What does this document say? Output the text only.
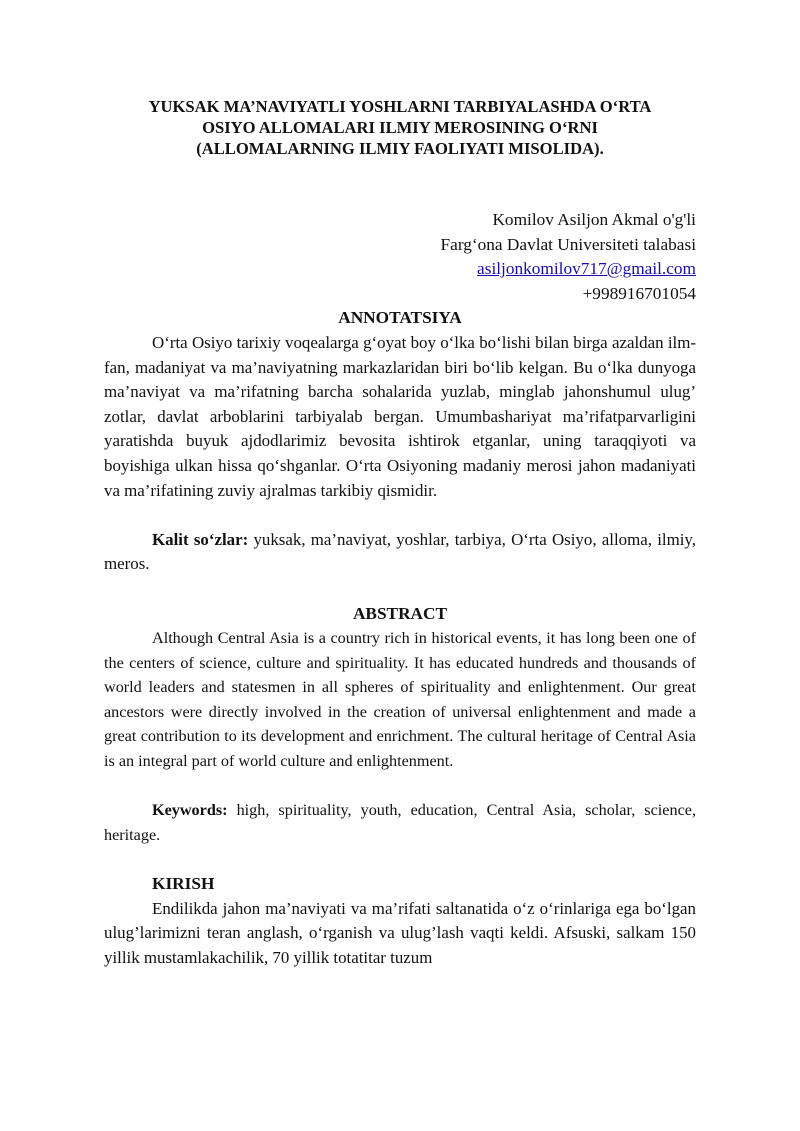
YUKSAK MA’NAVIYATLI YOSHLARNI TARBIYALASHDA O‘RTA
OSIYO ALLOMALARI ILMIY MEROSINING O‘RNI
(ALLOMALARNING ILMIY FAOLIYATI MISOLIDA).
Komilov Asiljon Akmal o'g'li
Farg‘ona Davlat Universiteti talabasi
asiljonkomilov717@gmail.com
+998916701054

ANNOTATSIYA

O‘rta Osiyo tarixiy voqealarga g‘oyat boy o‘lka bo‘lishi bilan birga azaldan ilm-fan, madaniyat va ma’naviyatning markazlaridan biri bo‘lib kelgan. Bu o‘lka dunyoga ma’naviyat va ma’rifatning barcha sohalarida yuzlab, minglab jahonshumul ulug’ zotlar, davlat arboblarini tarbiyalab bergan. Umumbashariyat ma’rifatparvarligini yaratishda buyuk ajdodlarimiz bevosita ishtirok etganlar, uning taraqqiyoti va boyishiga ulkan hissa qo‘shganlar. O‘rta Osiyoning madaniy merosi jahon madaniyati va ma’rifatining zuviy ajralmas tarkibiy qismidir.

Kalit so‘zlar: yuksak, ma’naviyat, yoshlar, tarbiya, O‘rta Osiyo, alloma, ilmiy, meros.

ABSTRACT

Although Central Asia is a country rich in historical events, it has long been one of the centers of science, culture and spirituality. It has educated hundreds and thousands of world leaders and statesmen in all spheres of spirituality and enlightenment. Our great ancestors were directly involved in the creation of universal enlightenment and made a great contribution to its development and enrichment. The cultural heritage of Central Asia is an integral part of world culture and enlightenment.

Keywords: high, spirituality, youth, education, Central Asia, scholar, science, heritage.

KIRISH

Endilikda jahon ma’naviyati va ma’rifati saltanatida o‘z o‘rinlariga ega bo‘lgan ulug’larimizni teran anglash, o‘rganish va ulug’lash vaqti keldi. Afsuski, salkam 150 yillik mustamlakachilik, 70 yillik totatitar tuzum
